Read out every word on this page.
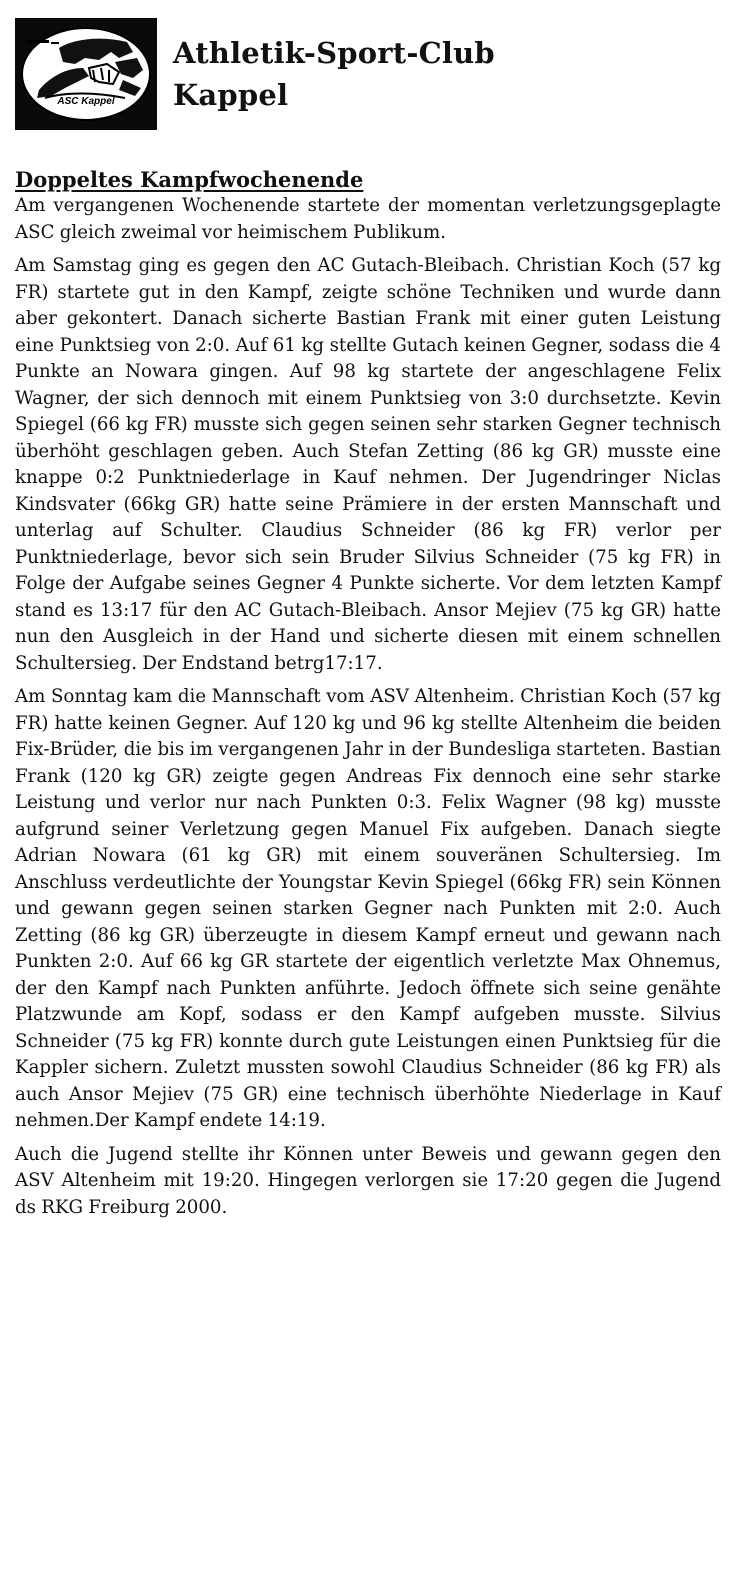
ASC Kappel
Athletik-Sport-Club
Kappel
Doppeltes Kampfwochenende

Am vergangenen Wochenende startete der momentan verletzungsgeplagte ASC gleich zweimal vor heimischem Publikum.

Am Samstag ging es gegen den AC Gutach-Bleibach. Christian Koch (57 kg FR) startete gut in den Kampf, zeigte schöne Techniken und wurde dann aber gekontert. Danach sicherte Bastian Frank mit einer guten Leistung eine Punktsieg von 2:0. Auf 61 kg stellte Gutach keinen Gegner, sodass die 4 Punkte an Nowara gingen. Auf 98 kg startete der angeschlagene Felix Wagner, der sich dennoch mit einem Punktsieg von 3:0 durchsetzte. Kevin Spiegel (66 kg FR) musste sich gegen seinen sehr starken Gegner technisch überhöht geschlagen geben. Auch Stefan Zetting (86 kg GR) musste eine knappe 0:2 Punktniederlage in Kauf nehmen. Der Jugendringer Niclas Kindsvater (66kg GR) hatte seine Prämiere in der ersten Mannschaft und unterlag auf Schulter. Claudius Schneider (86 kg FR) verlor per Punktniederlage, bevor sich sein Bruder Silvius Schneider (75 kg FR) in Folge der Aufgabe seines Gegner 4 Punkte sicherte. Vor dem letzten Kampf stand es 13:17 für den AC Gutach-Bleibach. Ansor Mejiev (75 kg GR) hatte nun den Ausgleich in der Hand und sicherte diesen mit einem schnellen Schultersieg. Der Endstand betrg17:17.

Am Sonntag kam die Mannschaft vom ASV Altenheim. Christian Koch (57 kg FR) hatte keinen Gegner. Auf 120 kg und 96 kg stellte Altenheim die beiden Fix-Brüder, die bis im vergangenen Jahr in der Bundesliga starteten. Bastian Frank (120 kg GR) zeigte gegen Andreas Fix dennoch eine sehr starke Leistung und verlor nur nach Punkten 0:3. Felix Wagner (98 kg) musste aufgrund seiner Verletzung gegen Manuel Fix aufgeben. Danach siegte Adrian Nowara (61 kg GR) mit einem souveränen Schultersieg. Im Anschluss verdeutlichte der Youngstar Kevin Spiegel (66kg FR) sein Können und gewann gegen seinen starken Gegner nach Punkten mit 2:0. Auch Zetting (86 kg GR) überzeugte in diesem Kampf erneut und gewann nach Punkten 2:0. Auf 66 kg GR startete der eigentlich verletzte Max Ohnemus, der den Kampf nach Punkten anführte. Jedoch öffnete sich seine genähte Platzwunde am Kopf, sodass er den Kampf aufgeben musste. Silvius Schneider (75 kg FR) konnte durch gute Leistungen einen Punktsieg für die Kappler sichern. Zuletzt mussten sowohl Claudius Schneider (86 kg FR) als auch Ansor Mejiev (75 GR) eine technisch überhöhte Niederlage in Kauf nehmen.Der Kampf endete 14:19.

Auch die Jugend stellte ihr Können unter Beweis und gewann gegen den ASV Altenheim mit 19:20. Hingegen verlorgen sie 17:20 gegen die Jugend ds RKG Freiburg 2000.
